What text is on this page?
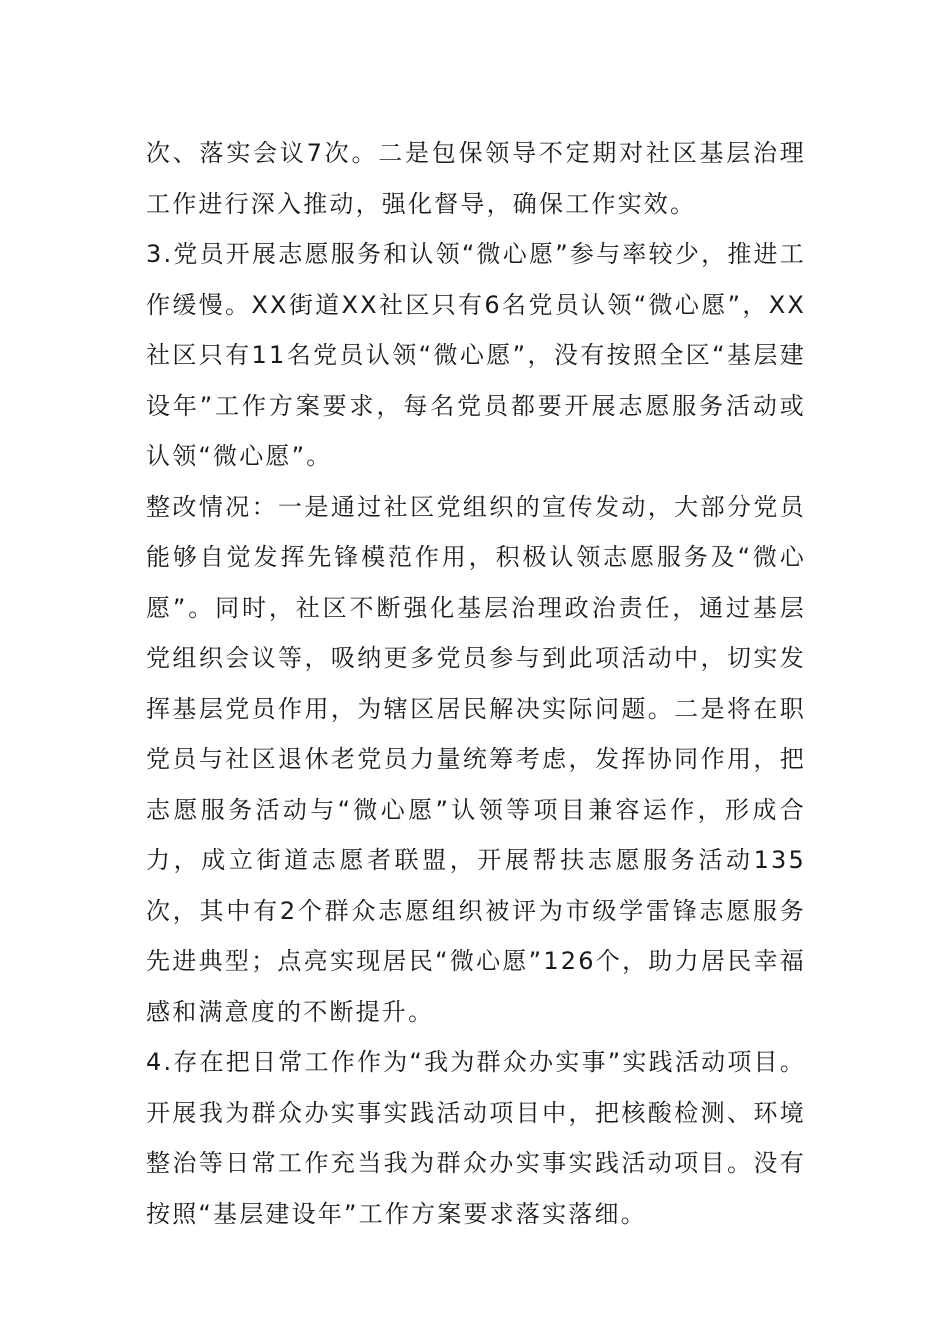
次、落实会议7次。二是包保领导不定期对社区基层治理工作进行深入推动，强化督导，确保工作实效。

3.党员开展志愿服务和认领“微心愿”参与率较少，推进工作缓慢。XX街道XX社区只有6名党员认领“微心愿”，XX社区只有11名党员认领“微心愿”，没有按照全区“基层建设年”工作方案要求，每名党员都要开展志愿服务活动或认领“微心愿”。

整改情况：一是通过社区党组织的宣传发动，大部分党员能够自觉发挥先锋模范作用，积极认领志愿服务及“微心愿”。同时，社区不断强化基层治理政治责任，通过基层党组织会议等，吸纳更多党员参与到此项活动中，切实发挥基层党员作用，为辖区居民解决实际问题。二是将在职党员与社区退休老党员力量统筹考虑，发挥协同作用，把志愿服务活动与“微心愿”认领等项目兼容运作，形成合力，成立街道志愿者联盟，开展帮扶志愿服务活动135次，其中有2个群众志愿组织被评为市级学雷锋志愿服务先进典型；点亮实现居民“微心愿”126个，助力居民幸福感和满意度的不断提升。

4.存在把日常工作作为“我为群众办实事”实践活动项目。开展我为群众办实事实践活动项目中，把核酸检测、环境整治等日常工作充当我为群众办实事实践活动项目。没有按照“基层建设年”工作方案要求落实落细。
